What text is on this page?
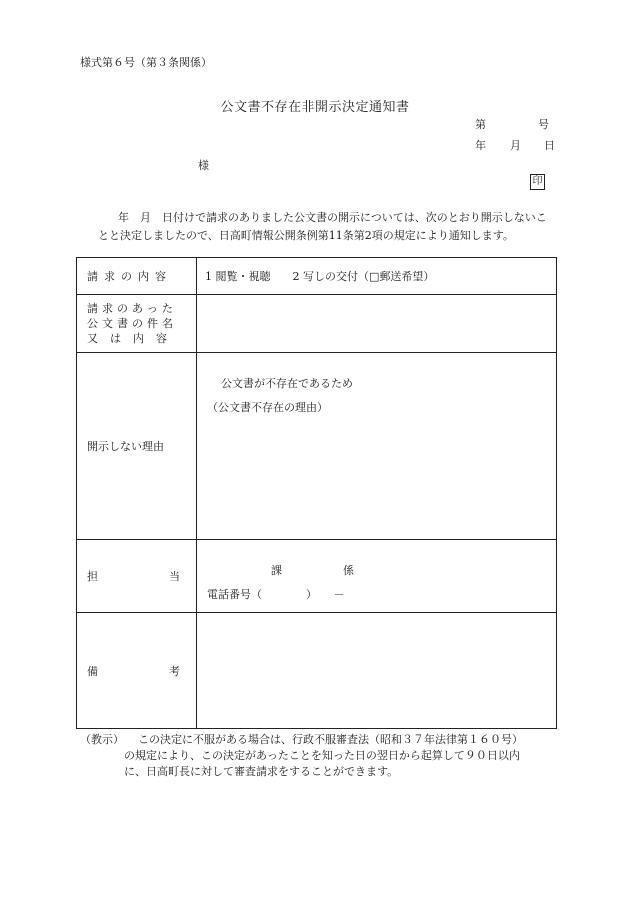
様式第６号（第３条関係）
公文書不存在非開示決定通知書
第	号
年 月 日
様
印

年　月　日付けで請求のありました公文書の開示については、次のとおり開示しないこ

とと決定しましたので、日高町情報公開条例第11条第2項の規定により通知します。

請求の内容	1 閲覧・視聴　　2 写しの交付（□郵送希望）

請求のあった
公文書の件名
又は内容	

開示しない理由	公文書が不存在であるため
（公文書不存在の理由）

担 当	課 係
電話番号（　　　　）　　－

備 考	

（教示）	この決定に不服がある場合は、行政不服審査法（昭和３７年法律第１６０号）
の規定により、この決定があったことを知った日の翌日から起算して９０日以内
に、日高町長に対して審査請求をすることができます。
